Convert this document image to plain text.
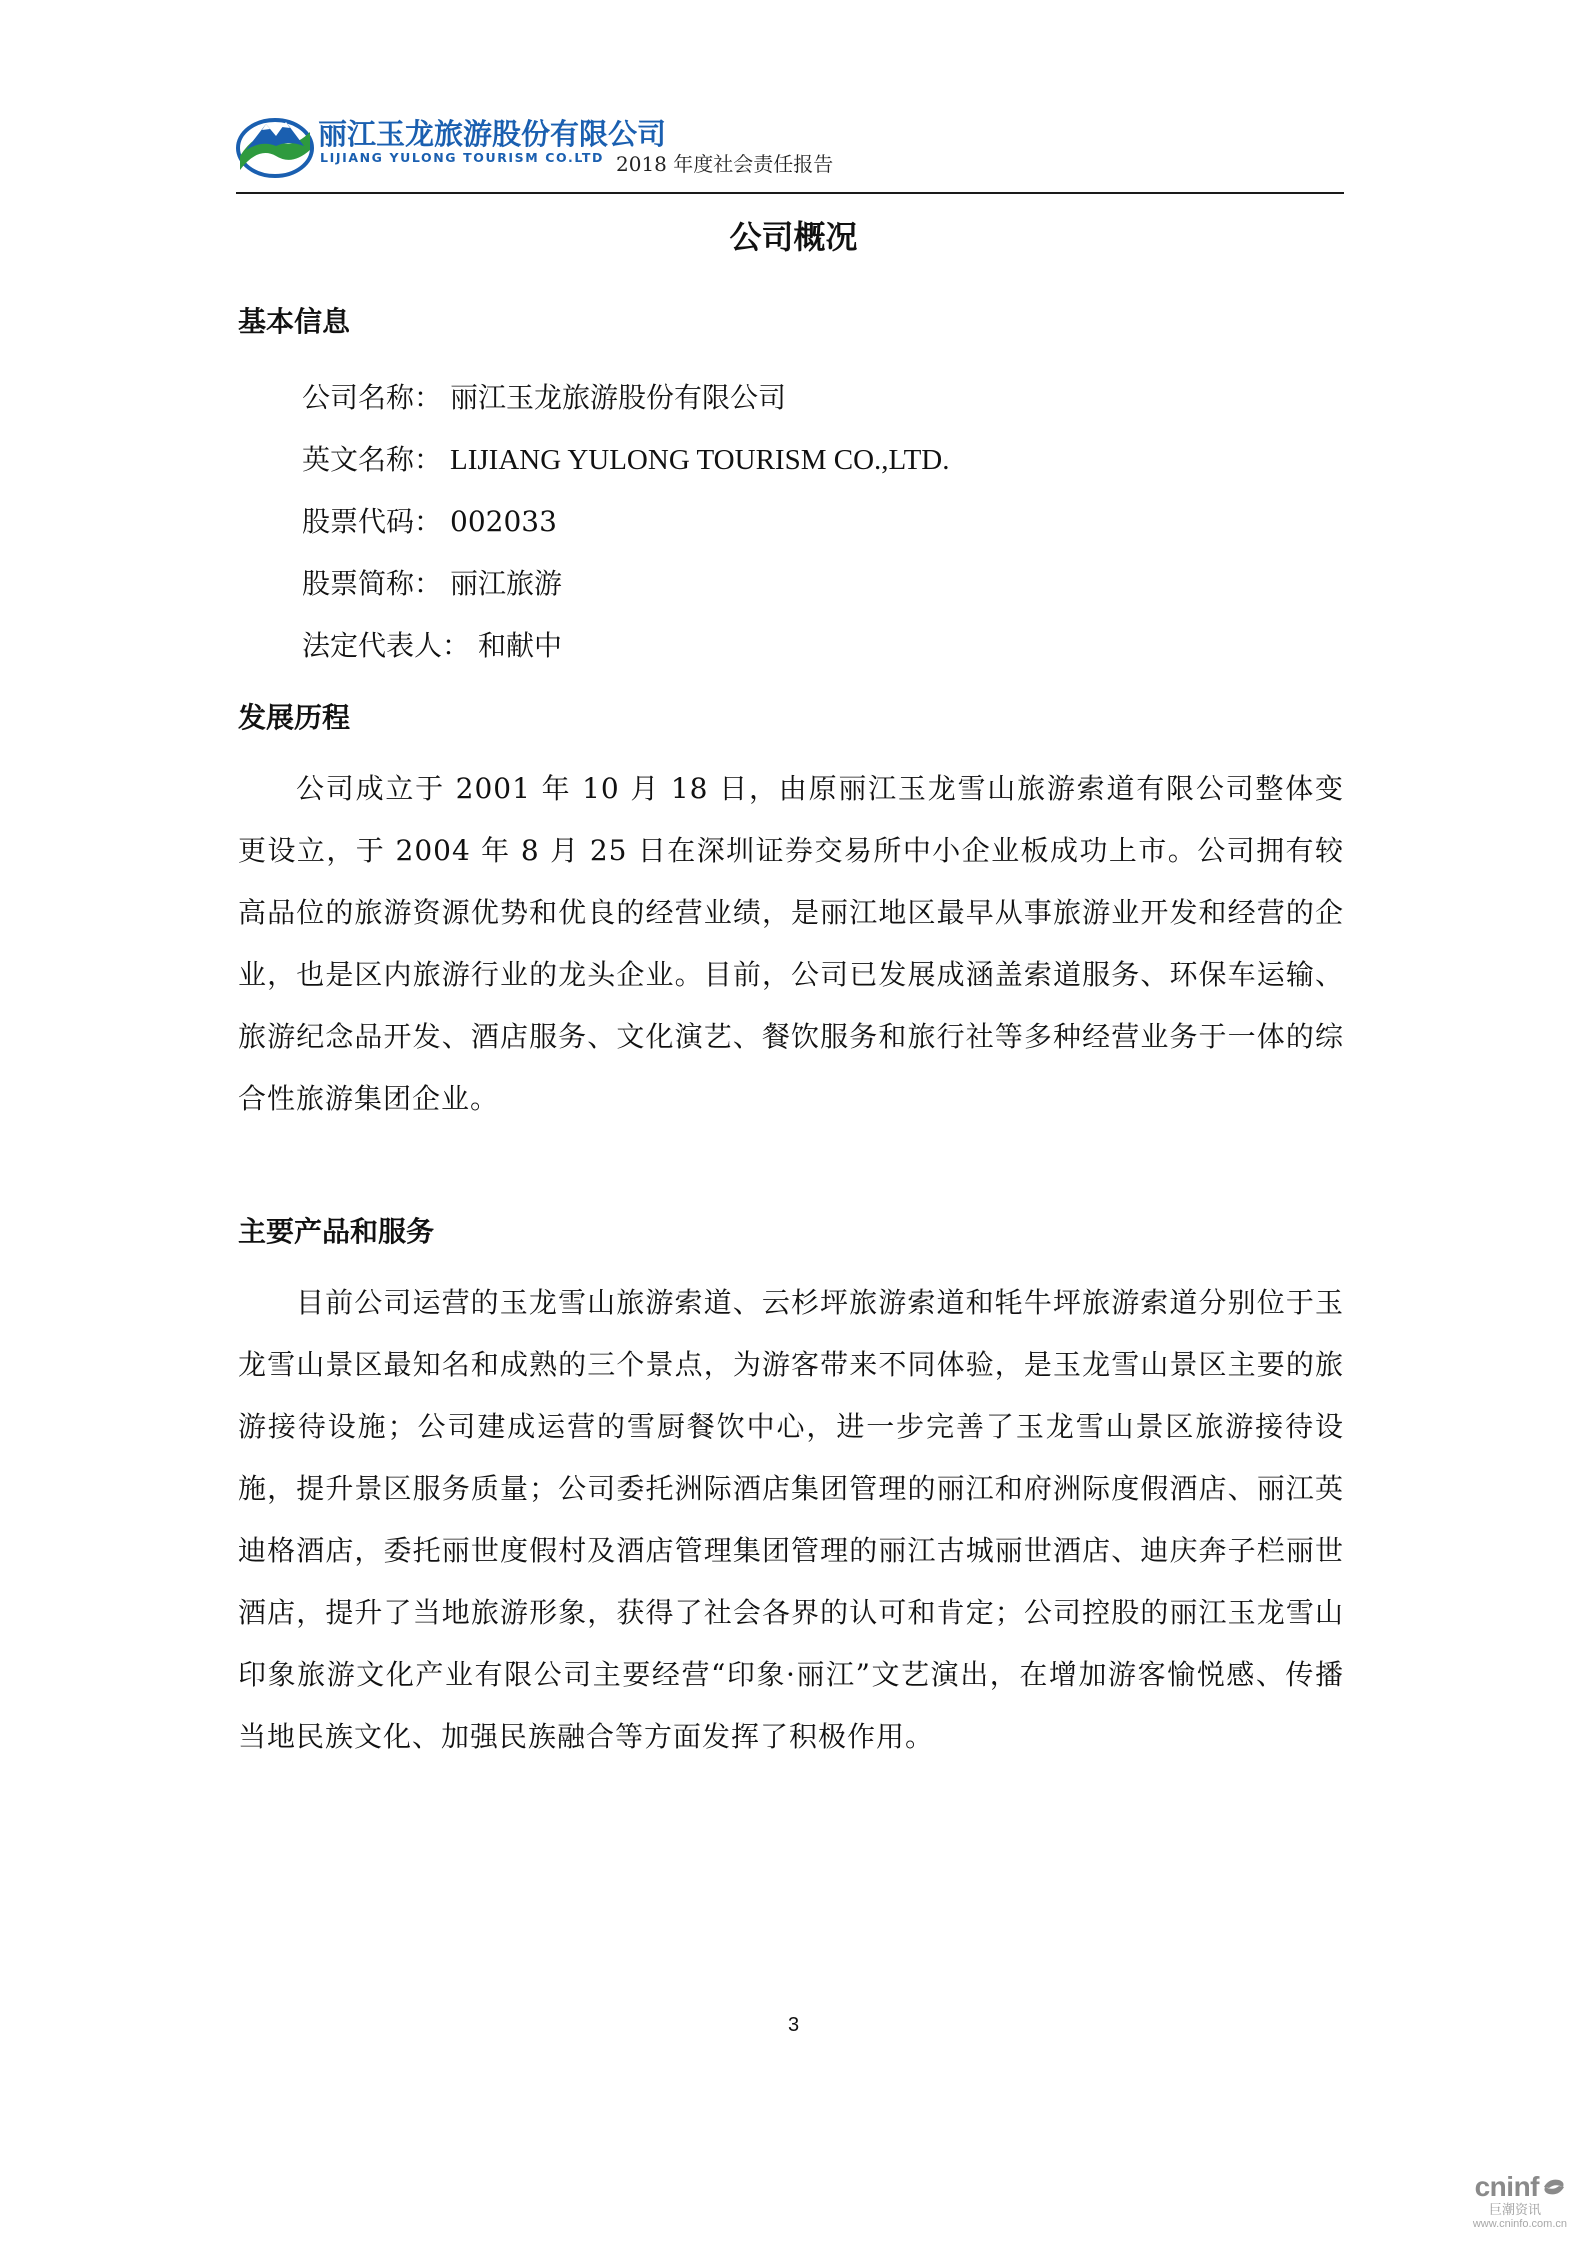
丽江玉龙旅游股份有限公司
LIJIANG YULONG TOURISM CO.LTD 2018 年度社会责任报告
公司概况
基本信息
公司名称： 丽江玉龙旅游股份有限公司
英文名称： LIJIANG YULONG TOURISM CO.,LTD.
股票代码： 002033
股票简称： 丽江旅游
法定代表人： 和献中
发展历程
公司成立于 2001 年 10 月 18 日，由原丽江玉龙雪山旅游索道有限公司整体变更设立，于 2004 年 8 月 25 日在深圳证券交易所中小企业板成功上市。公司拥有较高品位的旅游资源优势和优良的经营业绩，是丽江地区最早从事旅游业开发和经营的企业，也是区内旅游行业的龙头企业。目前，公司已发展成涵盖索道服务、环保车运输、旅游纪念品开发、酒店服务、文化演艺、餐饮服务和旅行社等多种经营业务于一体的综合性旅游集团企业。
主要产品和服务
目前公司运营的玉龙雪山旅游索道、云杉坪旅游索道和牦牛坪旅游索道分别位于玉龙雪山景区最知名和成熟的三个景点，为游客带来不同体验，是玉龙雪山景区主要的旅游接待设施；公司建成运营的雪厨餐饮中心，进一步完善了玉龙雪山景区旅游接待设施，提升景区服务质量；公司委托洲际酒店集团管理的丽江和府洲际度假酒店、丽江英迪格酒店，委托丽世度假村及酒店管理集团管理的丽江古城丽世酒店、迪庆奔子栏丽世酒店，提升了当地旅游形象，获得了社会各界的认可和肯定；公司控股的丽江玉龙雪山印象旅游文化产业有限公司主要经营“印象·丽江”文艺演出，在增加游客愉悦感、传播当地民族文化、加强民族融合等方面发挥了积极作用。
3
cninf
巨潮资讯
www.cninfo.com.cn
